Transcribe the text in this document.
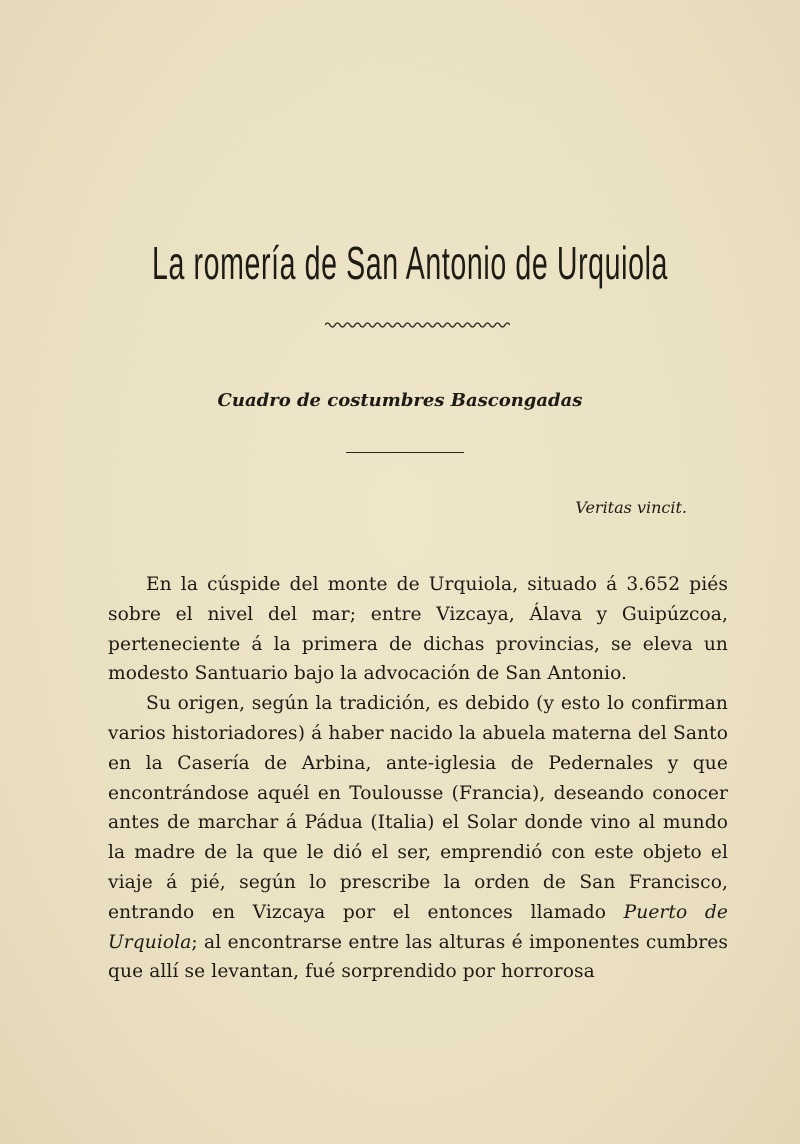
La romería de San Antonio de Urquiola
Cuadro de costumbres Bascongadas
Veritas vincit.

En la cúspide del monte de Urquiola, situado á 3.652 piés sobre el nivel del mar; entre Vizcaya, Álava y Guipúzcoa, perteneciente á la primera de dichas provincias, se eleva un modesto Santuario bajo la advocación de San Antonio.

Su origen, según la tradición, es debido (y esto lo confirman varios historiadores) á haber nacido la abuela materna del Santo en la Casería de Arbina, ante-iglesia de Pedernales y que encontrándose aquél en Toulousse (Francia), deseando conocer antes de marchar á Pádua (Italia) el Solar donde vino al mundo la madre de la que le dió el ser, emprendió con este objeto el viaje á pié, según lo prescribe la orden de San Francisco, entrando en Vizcaya por el entonces llamado Puerto de Urquiola; al encontrarse entre las alturas é imponentes cumbres que allí se levantan, fué sorprendido por horrorosa
